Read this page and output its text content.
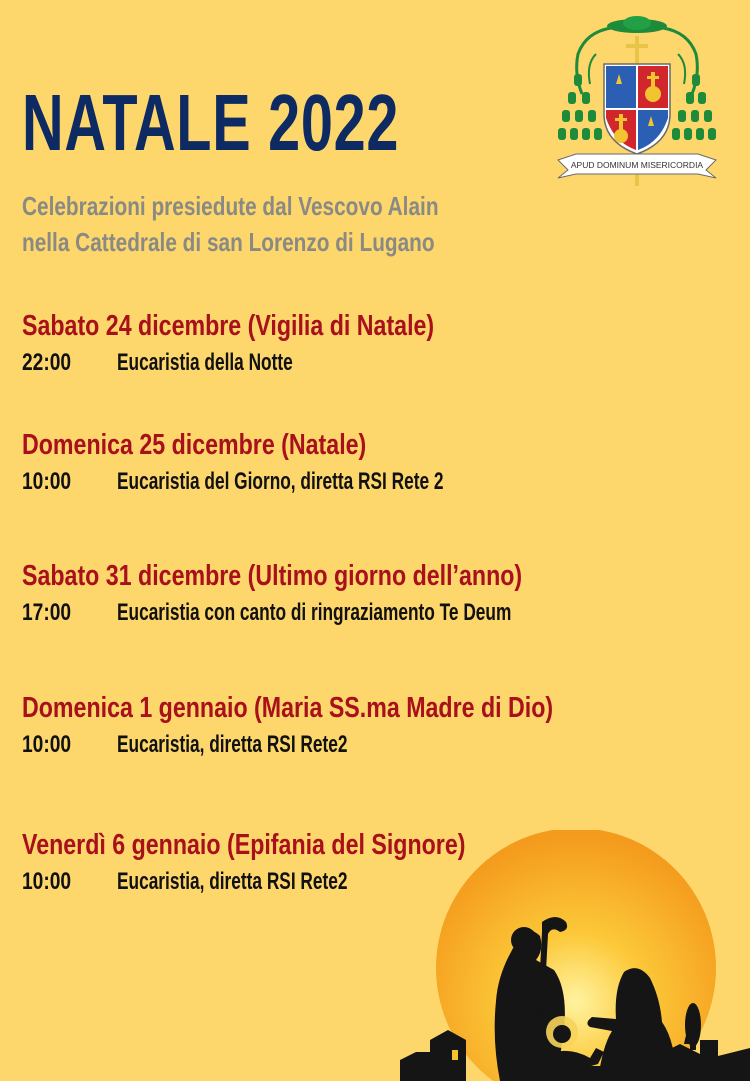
NATALE 2022
Celebrazioni presiedute dal Vescovo Alain
nella Cattedrale di san Lorenzo di Lugano
APUD DOMINUM MISERICORDIA
Sabato 24 dicembre (Vigilia di Natale)
22:00 Eucaristia della Notte
Domenica 25 dicembre (Natale)
10:00 Eucaristia del Giorno, diretta RSI Rete 2
Sabato 31 dicembre (Ultimo giorno dell’anno)
17:00 Eucaristia con canto di ringraziamento Te Deum
Domenica 1 gennaio (Maria SS.ma Madre di Dio)
10:00 Eucaristia, diretta RSI Rete2
Venerdì 6 gennaio (Epifania del Signore)
10:00 Eucaristia, diretta RSI Rete2
